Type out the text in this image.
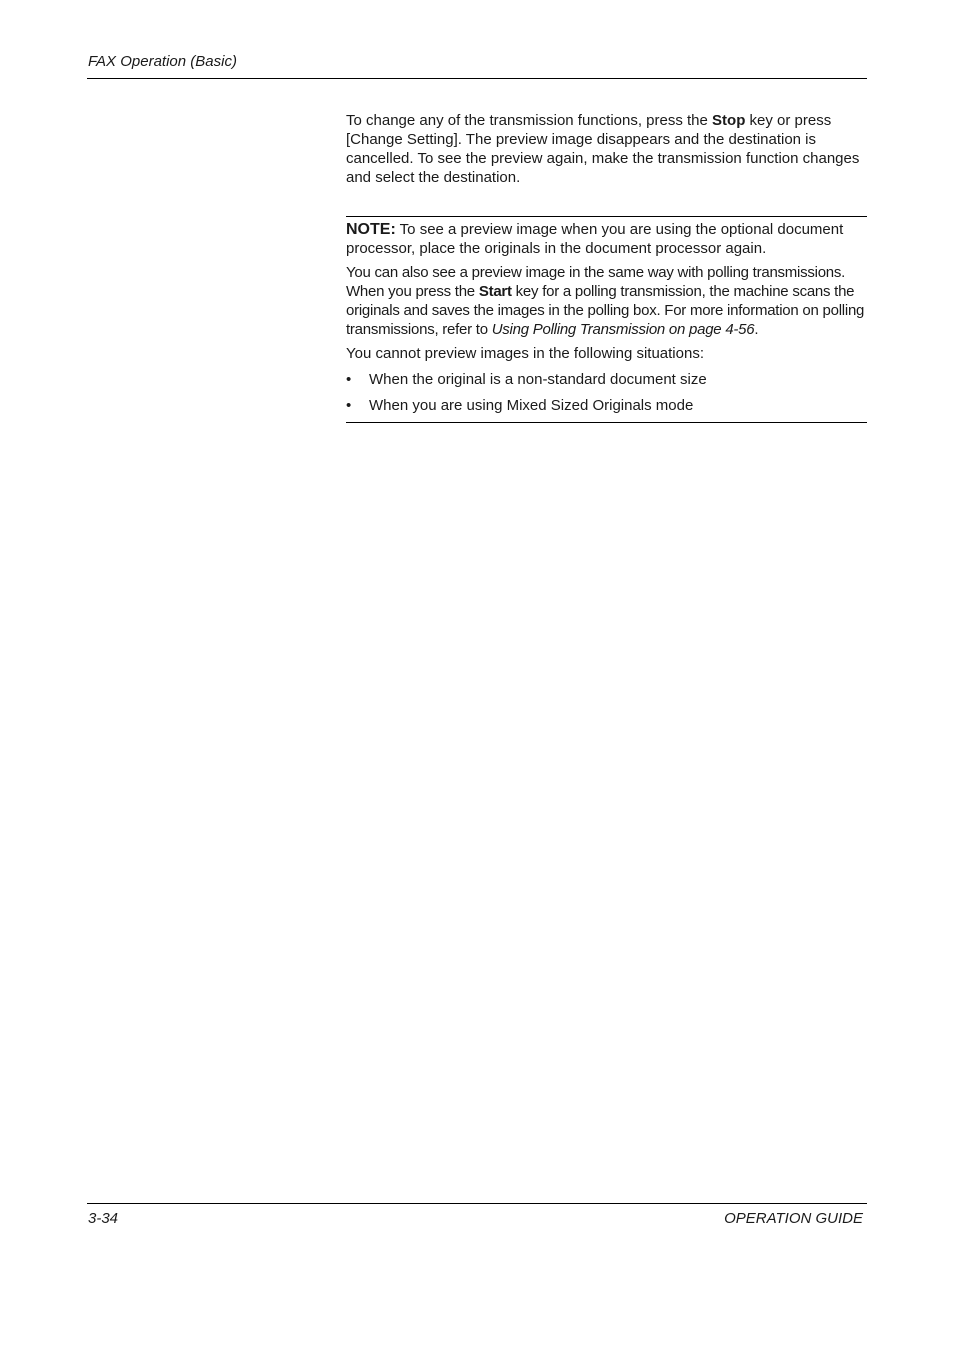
FAX Operation (Basic)

To change any of the transmission functions, press the Stop key or press [Change Setting]. The preview image disappears and the destination is cancelled. To see the preview again, make the transmission function changes and select the destination.

NOTE: To see a preview image when you are using the optional document processor, place the originals in the document processor again.

You can also see a preview image in the same way with polling transmissions. When you press the Start key for a polling transmission, the machine scans the originals and saves the images in the polling box. For more information on polling transmissions, refer to Using Polling Transmission on page 4-56.

You cannot preview images in the following situations:

• When the original is a non-standard document size
• When you are using Mixed Sized Originals mode
3-34	OPERATION GUIDE
